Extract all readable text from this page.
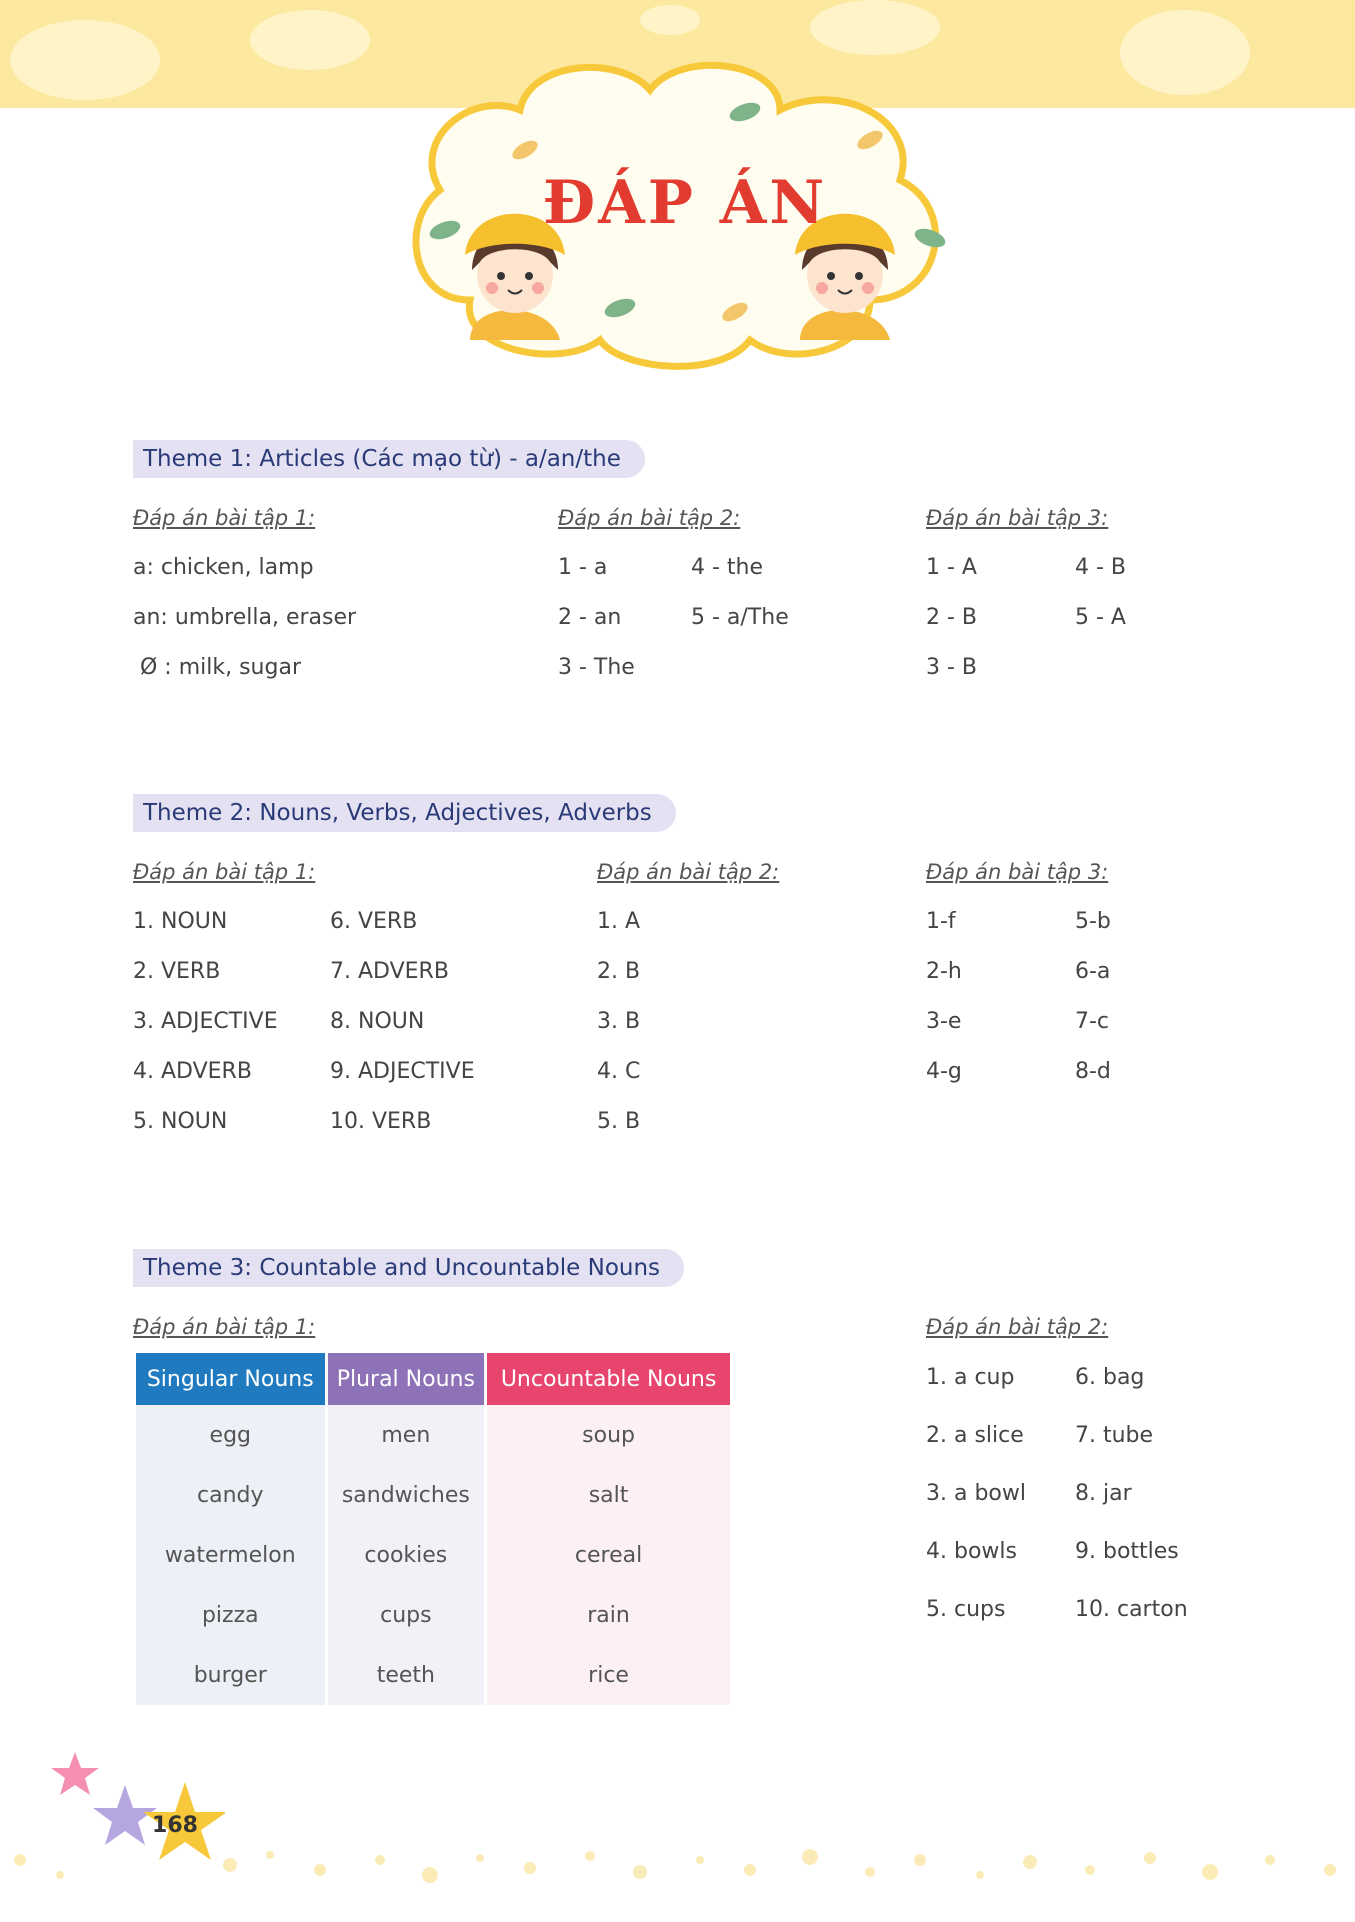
ĐÁP ÁN
Theme 1: Articles (Các mạo từ) - a/an/the
Đáp án bài tập 1:
a: chicken, lamp
an: umbrella, eraser
Ø : milk, sugar
Đáp án bài tập 2:
1 - a
2 - an
3 - The
4 - the
5 - a/The
Đáp án bài tập 3:
1 - A
2 - B
3 - B
4 - B
5 - A
Theme 2: Nouns, Verbs, Adjectives, Adverbs
Đáp án bài tập 1:
1. NOUN
2. VERB
3. ADJECTIVE
4. ADVERB
5. NOUN
6. VERB
7. ADVERB
8. NOUN
9. ADJECTIVE
10. VERB
Đáp án bài tập 2:
1. A
2. B
3. B
4. C
5. B
Đáp án bài tập 3:
1-f
2-h
3-e
4-g
5-b
6-a
7-c
8-d
Theme 3: Countable and Uncountable Nouns
Đáp án bài tập 1:
Singular Nouns	Plural Nouns	Uncountable Nouns
egg	men	soup
candy	sandwiches	salt
watermelon	cookies	cereal
pizza	cups	rain
burger	teeth	rice
Đáp án bài tập 2:
1. a cup
2. a slice
3. a bowl
4. bowls
5. cups
6. bag
7. tube
8. jar
9. bottles
10. carton
168
